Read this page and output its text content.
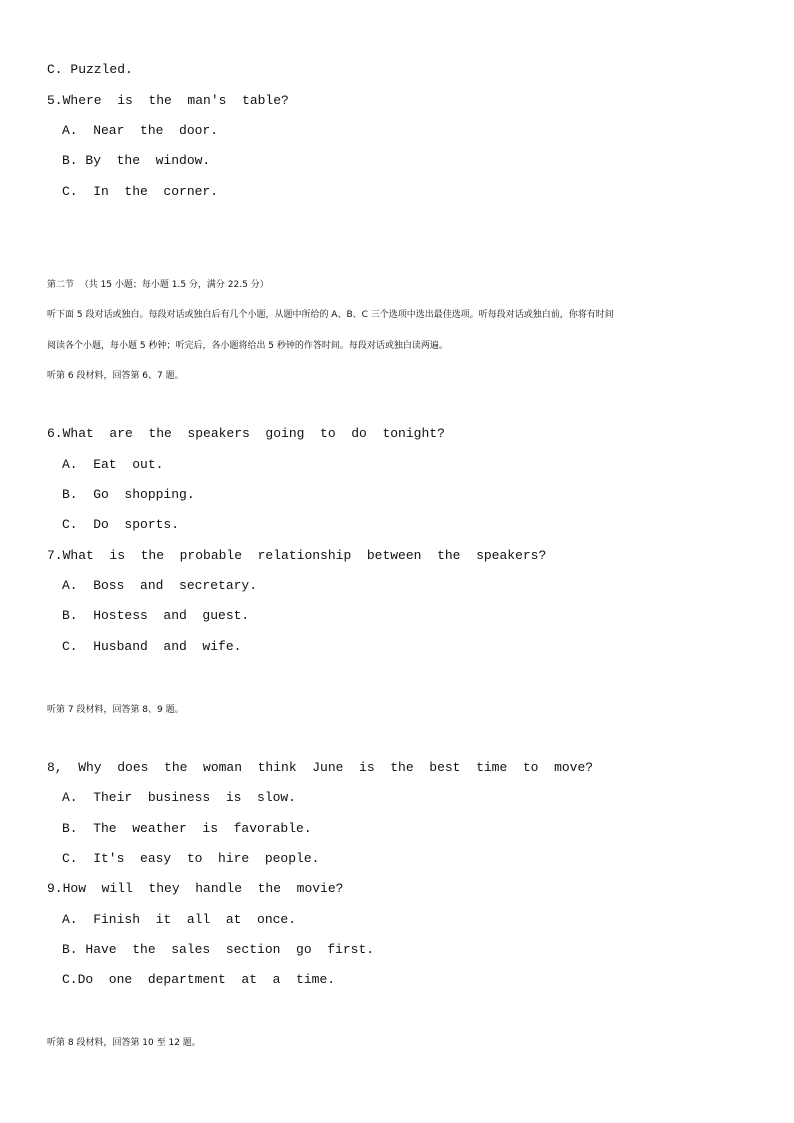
C. Puzzled.
5.Where  is  the  man's  table?
A.  Near  the  door.
B. By  the  window.
C.  In  the  corner.
第二节  （共 15 小题；每小题 1.5 分，满分 22.5 分）
听下面 5 段对话或独白。每段对话或独白后有几个小题，从题中所给的 A、B、C 三个选项中选出最佳选项。听每段对话或独白前，你将有时间
阅读各个小题，每小题 5 秒钟；听完后，各小题将给出 5 秒钟的作答时间。每段对话或独白读两遍。
听第 6 段材料，回答第 6、7 题。
6.What  are  the  speakers  going  to  do  tonight?
A.  Eat  out.
B.  Go  shopping.
C.  Do  sports.
7.What  is  the  probable  relationship  between  the  speakers?
A.  Boss  and  secretary.
B.  Hostess  and  guest.
C.  Husband  and  wife.
听第 7 段材料，回答第 8、9 题。
8,  Why  does  the  woman  think  June  is  the  best  time  to  move?
A.  Their  business  is  slow.
B.  The  weather  is  favorable.
C.  It's  easy  to  hire  people.
9.How  will  they  handle  the  movie?
A.  Finish  it  all  at  once.
B. Have  the  sales  section  go  first.
C.Do  one  department  at  a  time.
听第 8 段材料，回答第 10 至 12 题。
